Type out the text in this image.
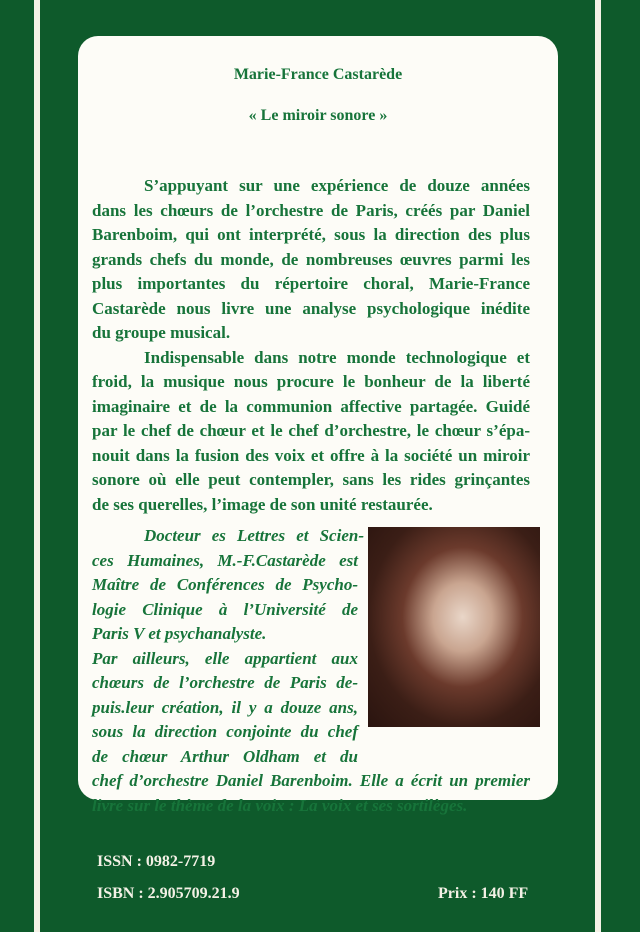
Marie-France Castarède
« Le miroir sonore »
S’appuyant sur une expérience de douze années
dans les chœurs de l’orchestre de Paris, créés par Daniel
Barenboim, qui ont interprété, sous la direction des plus
grands chefs du monde, de nombreuses œuvres parmi les
plus importantes du répertoire choral, Marie-France
Castarède nous livre une analyse psychologique inédite
du groupe musical.
Indispensable dans notre monde technologique et
froid, la musique nous procure le bonheur de la liberté
imaginaire et de la communion affective partagée. Guidé
par le chef de chœur et le chef d’orchestre, le chœur s’épa-
nouit dans la fusion des voix et offre à la société un miroir
sonore où elle peut contempler, sans les rides grinçantes
de ses querelles, l’image de son unité restaurée.
Docteur es Lettres et Scien-
ces Humaines, M.-F.Castarède est
Maître de Conférences de Psycho-
logie Clinique à l’Université de
Paris V et psychanalyste.
Par ailleurs, elle appartient aux
chœurs de l’orchestre de Paris de-
puis.leur création, il y a douze ans,
sous la direction conjointe du chef
de chœur Arthur Oldham et du
chef d’orchestre Daniel Barenboim. Elle a écrit un premier
livre sur le thème de la voix : La voix et ses sortilèges.
ISSN : 0982-7719
ISBN : 2.905709.21.9	Prix : 140 FF
